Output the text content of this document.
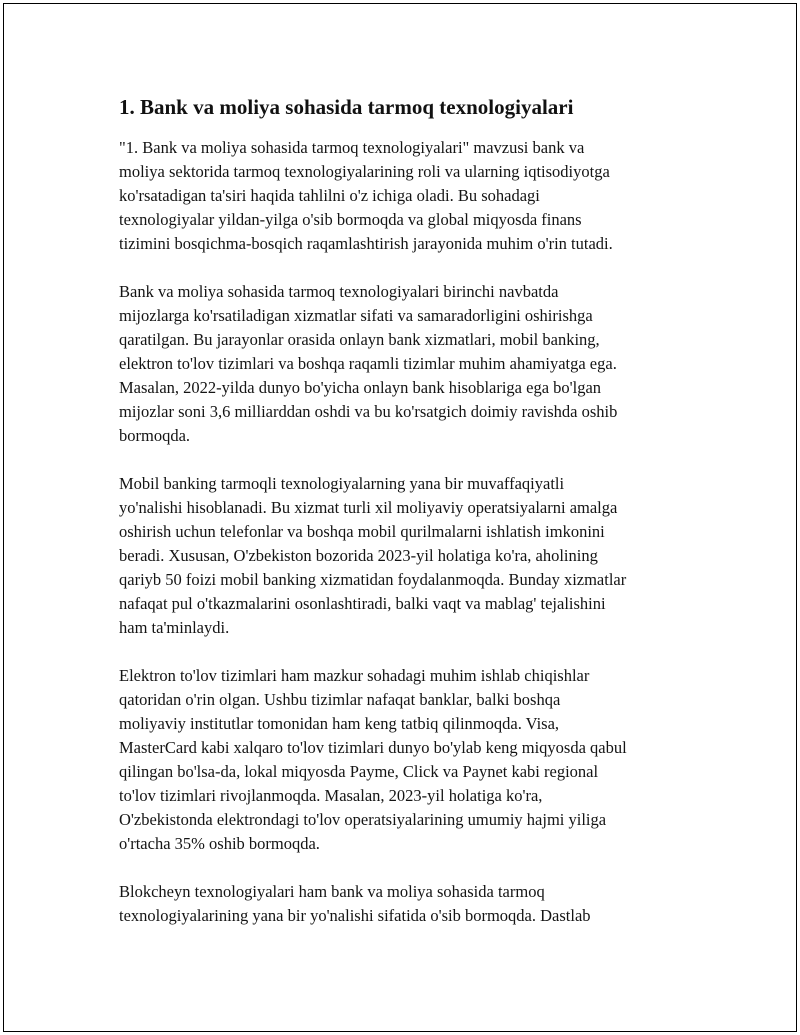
1. Bank va moliya sohasida tarmoq texnologiyalari

"1. Bank va moliya sohasida tarmoq texnologiyalari" mavzusi bank va
moliya sektorida tarmoq texnologiyalarining roli va ularning iqtisodiyotga
ko'rsatadigan ta'siri haqida tahlilni o'z ichiga oladi. Bu sohadagi
texnologiyalar yildan-yilga o'sib bormoqda va global miqyosda finans
tizimini bosqichma-bosqich raqamlashtirish jarayonida muhim o'rin tutadi.

Bank va moliya sohasida tarmoq texnologiyalari birinchi navbatda
mijozlarga ko'rsatiladigan xizmatlar sifati va samaradorligini oshirishga
qaratilgan. Bu jarayonlar orasida onlayn bank xizmatlari, mobil banking,
elektron to'lov tizimlari va boshqa raqamli tizimlar muhim ahamiyatga ega.
Masalan, 2022-yilda dunyo bo'yicha onlayn bank hisoblariga ega bo'lgan
mijozlar soni 3,6 milliarddan oshdi va bu ko'rsatgich doimiy ravishda oshib
bormoqda.

Mobil banking tarmoqli texnologiyalarning yana bir muvaffaqiyatli
yo'nalishi hisoblanadi. Bu xizmat turli xil moliyaviy operatsiyalarni amalga
oshirish uchun telefonlar va boshqa mobil qurilmalarni ishlatish imkonini
beradi. Xususan, O'zbekiston bozorida 2023-yil holatiga ko'ra, aholining
qariyb 50 foizi mobil banking xizmatidan foydalanmoqda. Bunday xizmatlar
nafaqat pul o'tkazmalarini osonlashtiradi, balki vaqt va mablag' tejalishini
ham ta'minlaydi.

Elektron to'lov tizimlari ham mazkur sohadagi muhim ishlab chiqishlar
qatoridan o'rin olgan. Ushbu tizimlar nafaqat banklar, balki boshqa
moliyaviy institutlar tomonidan ham keng tatbiq qilinmoqda. Visa,
MasterCard kabi xalqaro to'lov tizimlari dunyo bo'ylab keng miqyosda qabul
qilingan bo'lsa-da, lokal miqyosda Payme, Click va Paynet kabi regional
to'lov tizimlari rivojlanmoqda. Masalan, 2023-yil holatiga ko'ra,
O'zbekistonda elektrondagi to'lov operatsiyalarining umumiy hajmi yiliga
o'rtacha 35% oshib bormoqda.

Blokcheyn texnologiyalari ham bank va moliya sohasida tarmoq
texnologiyalarining yana bir yo'nalishi sifatida o'sib bormoqda. Dastlab
